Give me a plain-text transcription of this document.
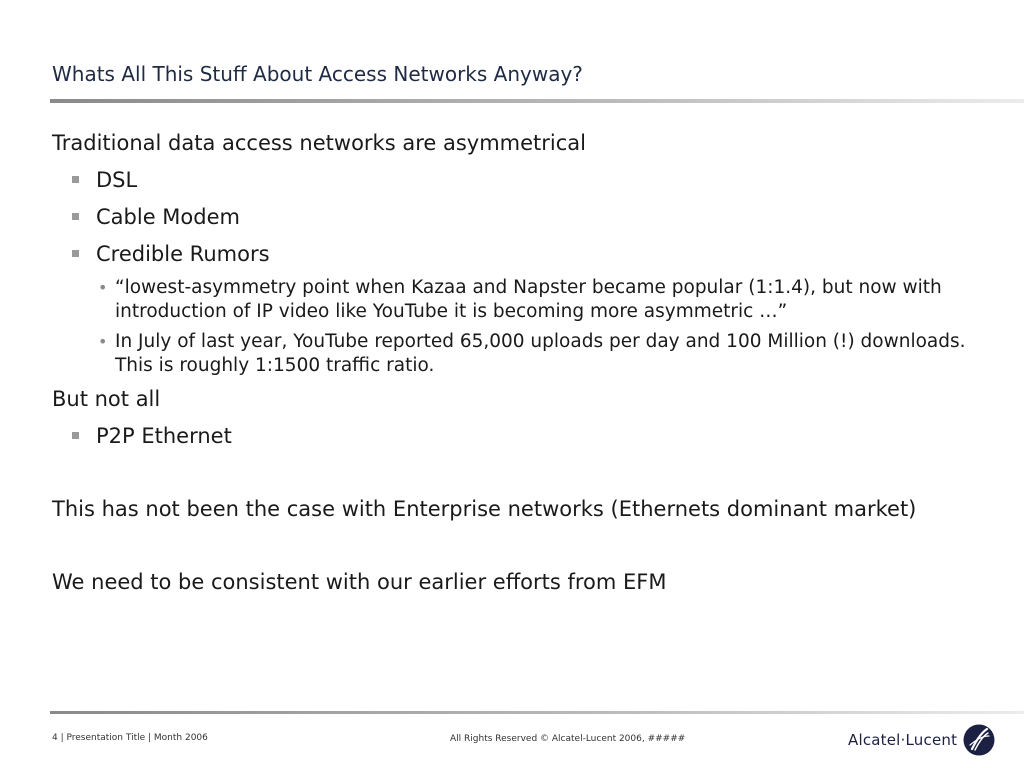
Whats All This Stuff About Access Networks Anyway?

Traditional data access networks are asymmetrical

DSL
Cable Modem
Credible Rumors
• “lowest-asymmetry point when Kazaa and Napster became popular (1:1.4), but now with introduction of IP video like YouTube it is becoming more asymmetric …”
• In July of last year, YouTube reported 65,000 uploads per day and 100 Million (!) downloads. This is roughly 1:1500 traffic ratio.

But not all

P2P Ethernet

This has not been the case with Enterprise networks (Ethernets dominant market)

We need to be consistent with our earlier efforts from EFM

4 | Presentation Title | Month 2006	All Rights Reserved © Alcatel-Lucent 2006, #####	Alcatel·Lucent
